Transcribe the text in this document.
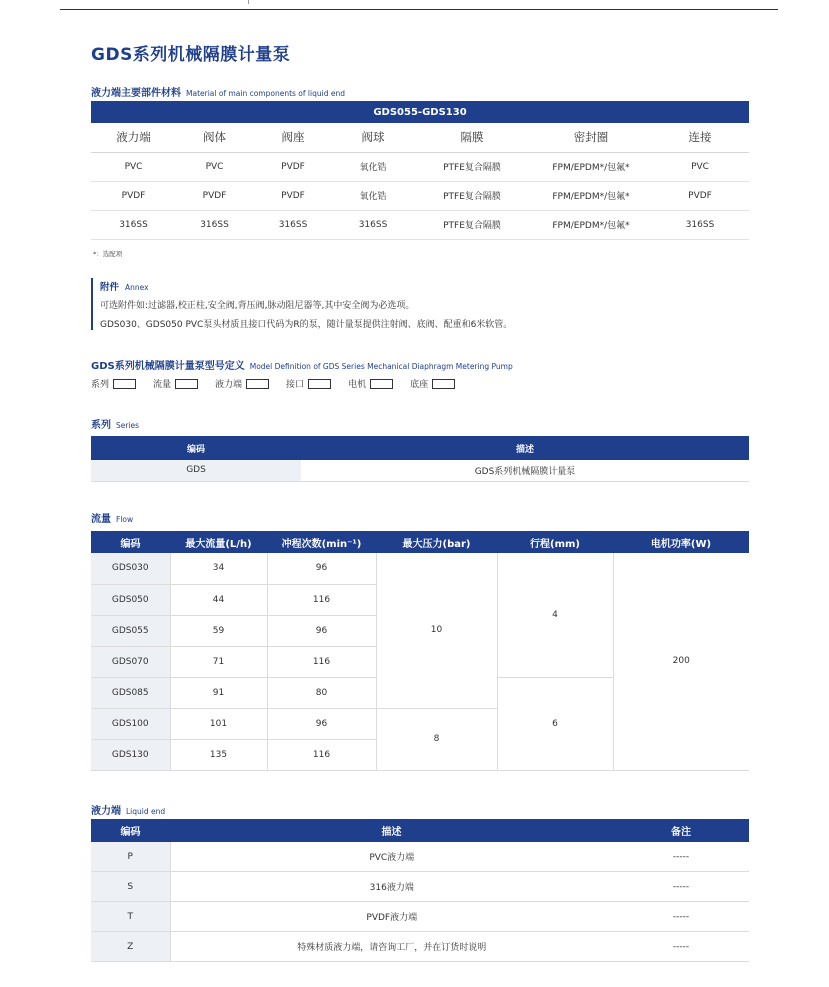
GDS系列机械隔膜计量泵
液力端主要部件材料 Material of main components of liquid end
GDS055-GDS130						
液力端	阀体	阀座	阀球	隔膜	密封圈	连接
PVC	PVC	PVDF	氧化锆	PTFE复合隔膜	FPM/EPDM*/包氟*	PVC
PVDF	PVDF	PVDF	氧化锆	PTFE复合隔膜	FPM/EPDM*/包氟*	PVDF
316SS	316SS	316SS	316SS	PTFE复合隔膜	FPM/EPDM*/包氟*	316SS
*：选配项
附件 Annex
可选附件如:过滤器,校正柱,安全阀,背压阀,脉动阻尼器等,其中安全阀为必选项。
GDS030、GDS050 PVC泵头材质且接口代码为R的泵，随计量泵提供注射阀、底阀、配重和6米软管。
GDS系列机械隔膜计量泵型号定义 Model Definition of GDS Series Mechanical Diaphragm Metering Pump
系列	流量	液力端	接口	电机	底座
系列 Series
编码	描述
GDS	GDS系列机械隔膜计量泵
流量 Flow
编码	最大流量(L/h)	冲程次数(min⁻¹)	最大压力(bar)	行程(mm)	电机功率(W)
GDS030	34	96	10	4	200
GDS050	44	116			
GDS055	59	96			
GDS070	71	116			
GDS085	91	80		6	
GDS100	101	96	8		
GDS130	135	116			
液力端 Liquid end
编码	描述	备注
P	PVC液力端	-----
S	316液力端	-----
T	PVDF液力端	-----
Z	特殊材质液力端，请咨询工厂，并在订货时说明	-----
